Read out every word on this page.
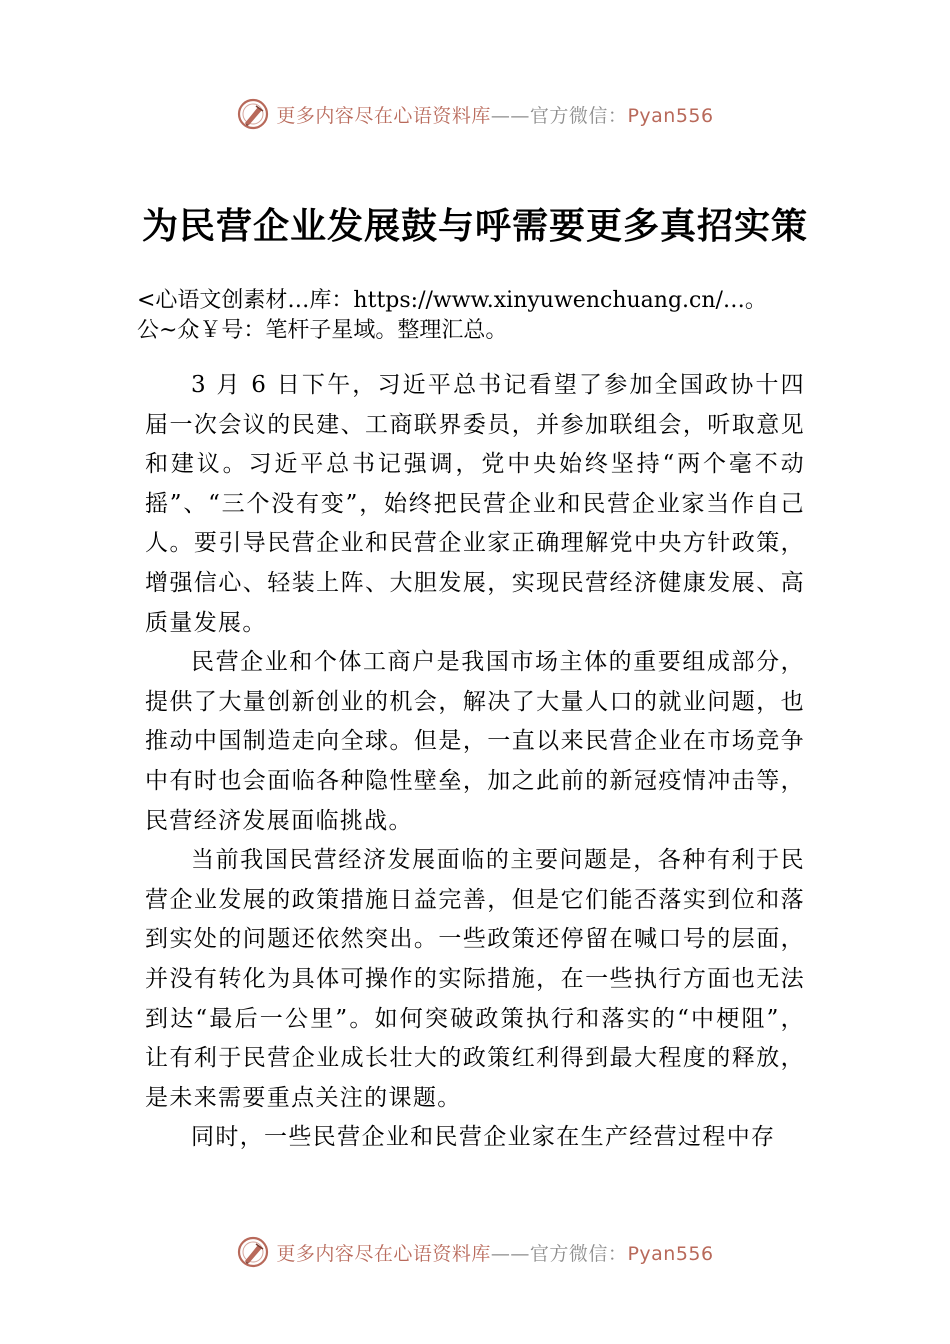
更多内容尽在心语资料库——官方微信：Pyan556
为民营企业发展鼓与呼需要更多真招实策
<心语文创素材…库：https://www.xinyuwenchuang.cn/…。
公~众￥号：笔杆子星域。整理汇总。

3 月 6 日下午，习近平总书记看望了参加全国政协十四届一次会议的民建、工商联界委员，并参加联组会，听取意见和建议。习近平总书记强调，党中央始终坚持“两个毫不动摇”、“三个没有变”，始终把民营企业和民营企业家当作自己人。要引导民营企业和民营企业家正确理解党中央方针政策，增强信心、轻装上阵、大胆发展，实现民营经济健康发展、高质量发展。

民营企业和个体工商户是我国市场主体的重要组成部分，提供了大量创新创业的机会，解决了大量人口的就业问题，也推动中国制造走向全球。但是，一直以来民营企业在市场竞争中有时也会面临各种隐性壁垒，加之此前的新冠疫情冲击等，民营经济发展面临挑战。

当前我国民营经济发展面临的主要问题是，各种有利于民营企业发展的政策措施日益完善，但是它们能否落实到位和落到实处的问题还依然突出。一些政策还停留在喊口号的层面，并没有转化为具体可操作的实际措施，在一些执行方面也无法到达“最后一公里”。如何突破政策执行和落实的“中梗阻”，让有利于民营企业成长壮大的政策红利得到最大程度的释放，是未来需要重点关注的课题。

同时，一些民营企业和民营企业家在生产经营过程中存

更多内容尽在心语资料库——官方微信：Pyan556
